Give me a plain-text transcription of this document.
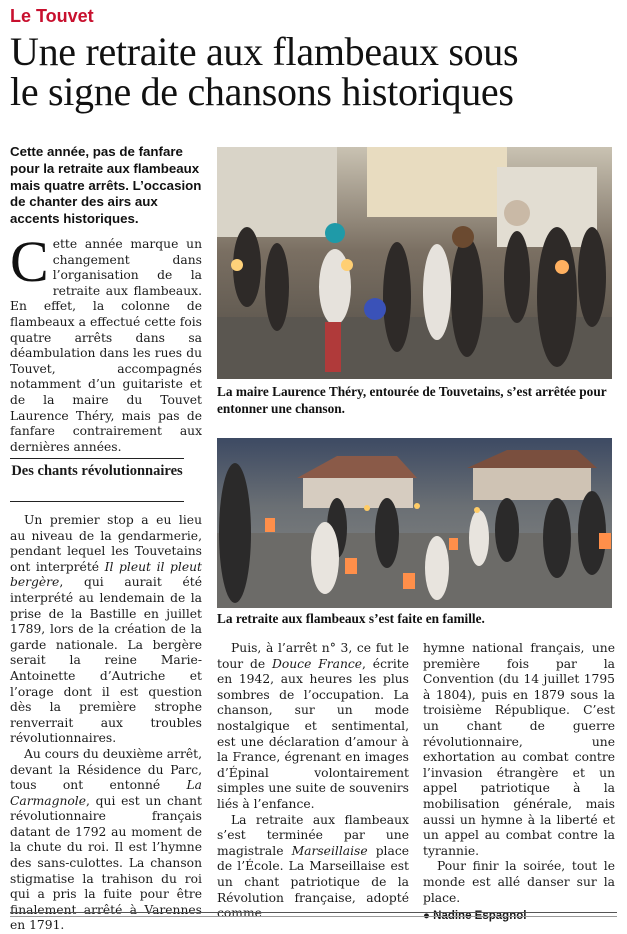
Le Touvet
Une retraite aux flambeaux sous
le signe de chansons historiques
Cette année, pas de fanfare pour la retraite aux flambeaux mais quatre arrêts. L’occasion de chanter des airs aux accents historiques.

Cette année marque un changement dans l’organisation de la retraite aux flambeaux. En effet, la colonne de flambeaux a effectué cette fois quatre arrêts dans sa déambulation dans les rues du Touvet, accompagnés notamment d’un guitariste et de la maire du Touvet Laurence Théry, mais pas de fanfare contrairement aux dernières années.

Des chants révolutionnaires

Un premier stop a eu lieu au niveau de la gendarmerie, pendant lequel les Touvetains ont interprété Il pleut il pleut bergère, qui aurait été interprété au lendemain de la prise de la Bastille en juillet 1789, lors de la création de la garde nationale. La bergère serait la reine Marie-Antoinette d’Autriche et l’orage dont il est question dès la première strophe renverrait aux troubles révolutionnaires.

Au cours du deuxième arrêt, devant la Résidence du Parc, tous ont entonné La Carmagnole, qui est un chant révolutionnaire français datant de 1792 au moment de la chute du roi. Il est l’hymne des sans-culottes. La chanson stigmatise la trahison du roi qui a pris la fuite pour être finalement arrêté à Varennes en 1791.

La maire Laurence Théry, entourée de Touvetains, s’est arrêtée pour entonner une chanson.
La retraite aux flambeaux s’est faite en famille.

Puis, à l’arrêt n° 3, ce fut le tour de Douce France, écrite en 1942, aux heures les plus sombres de l’occupation. La chanson, sur un mode nostalgique et sentimental, est une déclaration d’amour à la France, égrenant en images d’Épinal volontairement simples une suite de souvenirs liés à l’enfance.

La retraite aux flambeaux s’est terminée par une magistrale Marseillaise place de l’École. La Marseillaise est un chant patriotique de la Révolution française, adopté comme

hymne national français, une première fois par la Convention (du 14 juillet 1795 à 1804), puis en 1879 sous la troisième République. C’est un chant de guerre révolutionnaire, une exhortation au combat contre l’invasion étrangère et un appel patriotique à la mobilisation générale, mais aussi un hymne à la liberté et un appel au combat contre la tyrannie.

Pour finir la soirée, tout le monde est allé danser sur la place.

● Nadine Espagnol
